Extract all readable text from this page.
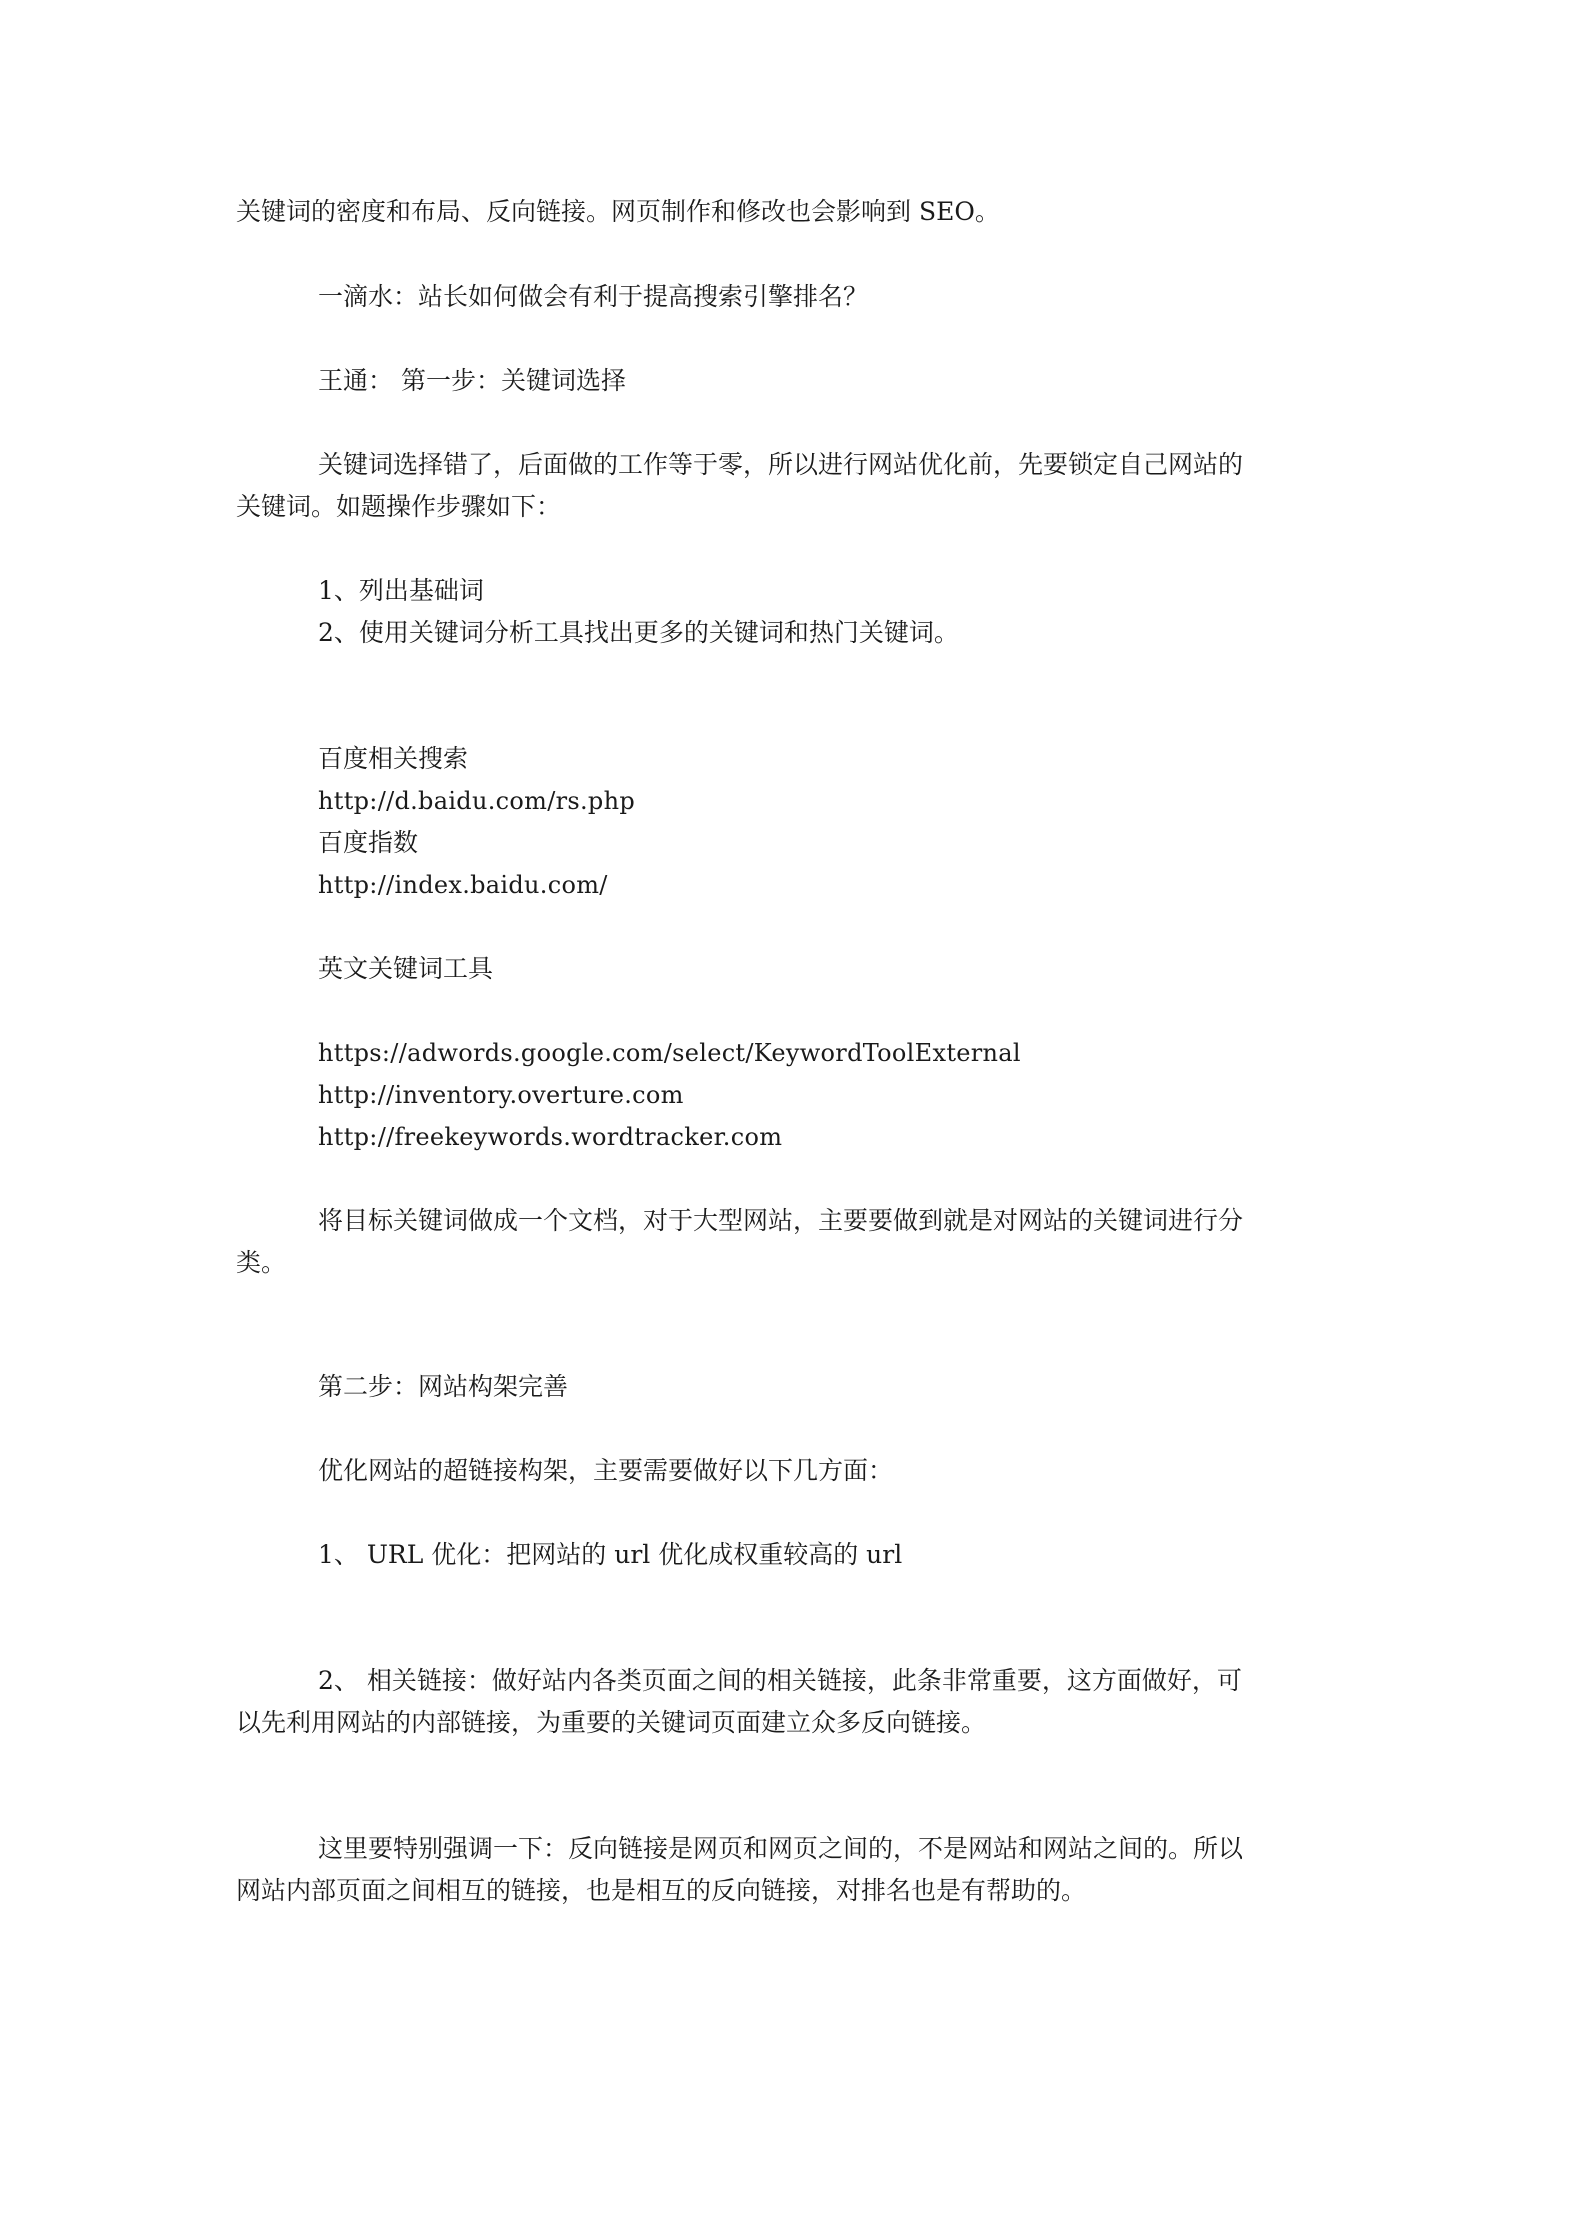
关键词的密度和布局、反向链接。网页制作和修改也会影响到 SEO。
一滴水：站长如何做会有利于提高搜索引擎排名？
王通： 第一步：关键词选择
关键词选择错了，后面做的工作等于零，所以进行网站优化前，先要锁定自己网站的
关键词。如题操作步骤如下：
1、列出基础词
2、使用关键词分析工具找出更多的关键词和热门关键词。
百度相关搜索
http://d.baidu.com/rs.php
百度指数
http://index.baidu.com/
英文关键词工具
https://adwords.google.com/select/KeywordToolExternal
http://inventory.overture.com
http://freekeywords.wordtracker.com
将目标关键词做成一个文档，对于大型网站，主要要做到就是对网站的关键词进行分
类。
第二步：网站构架完善
优化网站的超链接构架，主要需要做好以下几方面：
1、 URL 优化：把网站的 url 优化成权重较高的 url
2、 相关链接：做好站内各类页面之间的相关链接，此条非常重要，这方面做好，可
以先利用网站的内部链接，为重要的关键词页面建立众多反向链接。
这里要特别强调一下：反向链接是网页和网页之间的，不是网站和网站之间的。所以
网站内部页面之间相互的链接，也是相互的反向链接，对排名也是有帮助的。
